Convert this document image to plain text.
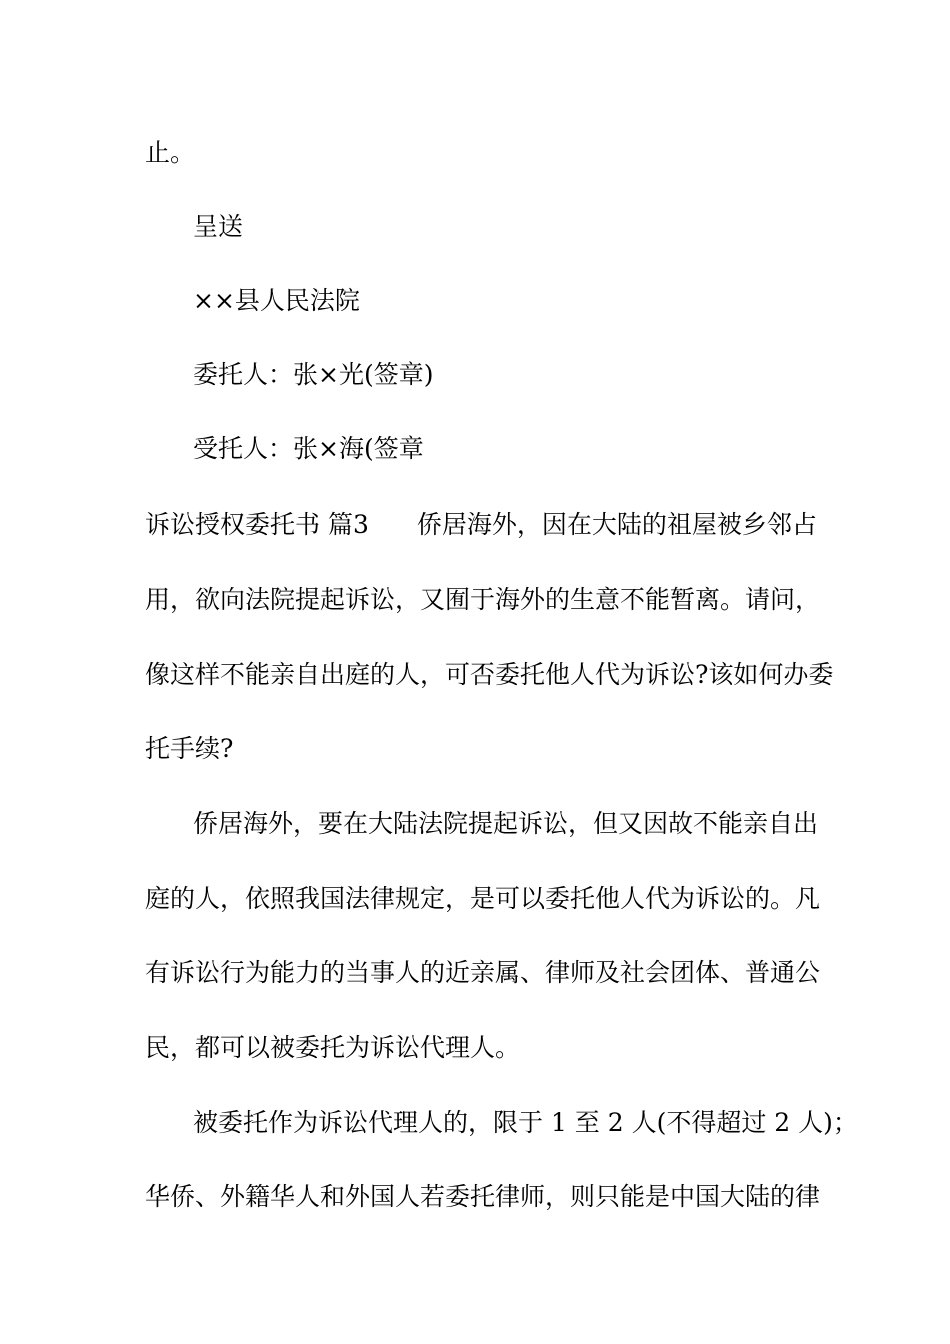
止。
呈送
××县人民法院
委托人：张×光(签章)
受托人：张×海(签章
诉讼授权委托书 篇3 侨居海外，因在大陆的祖屋被乡邻占
用，欲向法院提起诉讼，又囿于海外的生意不能暂离。请问，
像这样不能亲自出庭的人，可否委托他人代为诉讼?该如何办委
托手续?
侨居海外，要在大陆法院提起诉讼，但又因故不能亲自出
庭的人，依照我国法律规定，是可以委托他人代为诉讼的。凡
有诉讼行为能力的当事人的近亲属、律师及社会团体、普通公
民，都可以被委托为诉讼代理人。
被委托作为诉讼代理人的，限于 1 至 2 人(不得超过 2 人)；
华侨、外籍华人和外国人若委托律师，则只能是中国大陆的律
